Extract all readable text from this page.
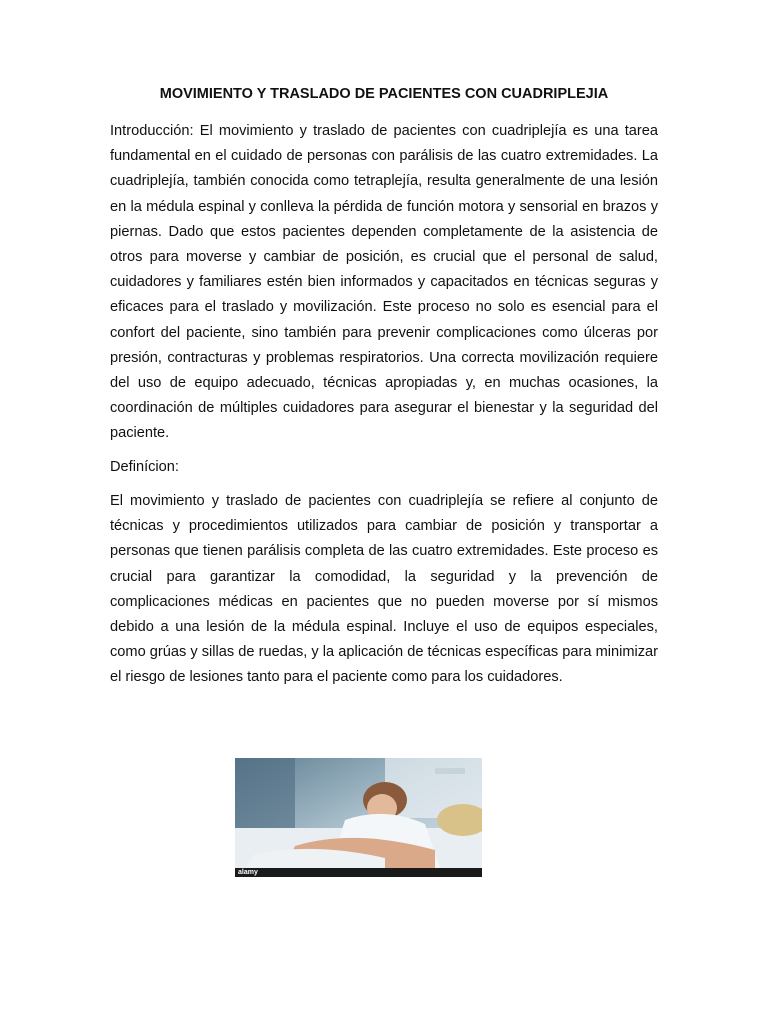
MOVIMIENTO Y TRASLADO DE PACIENTES CON CUADRIPLEJIA

Introducción: El movimiento y traslado de pacientes con cuadriplejía es una tarea fundamental en el cuidado de personas con parálisis de las cuatro extremidades. La cuadriplejía, también conocida como tetraplejía, resulta generalmente de una lesión en la médula espinal y conlleva la pérdida de función motora y sensorial en brazos y piernas. Dado que estos pacientes dependen completamente de la asistencia de otros para moverse y cambiar de posición, es crucial que el personal de salud, cuidadores y familiares estén bien informados y capacitados en técnicas seguras y eficaces para el traslado y movilización. Este proceso no solo es esencial para el confort del paciente, sino también para prevenir complicaciones como úlceras por presión, contracturas y problemas respiratorios. Una correcta movilización requiere del uso de equipo adecuado, técnicas apropiadas y, en muchas ocasiones, la coordinación de múltiples cuidadores para asegurar el bienestar y la seguridad del paciente.

Definícion:

El movimiento y traslado de pacientes con cuadriplejía se refiere al conjunto de técnicas y procedimientos utilizados para cambiar de posición y transportar a personas que tienen parálisis completa de las cuatro extremidades. Este proceso es crucial para garantizar la comodidad, la seguridad y la prevención de complicaciones médicas en pacientes que no pueden moverse por sí mismos debido a una lesión de la médula espinal. Incluye el uso de equipos especiales, como grúas y sillas de ruedas, y la aplicación de técnicas específicas para minimizar el riesgo de lesiones tanto para el paciente como para los cuidadores.

alamy
